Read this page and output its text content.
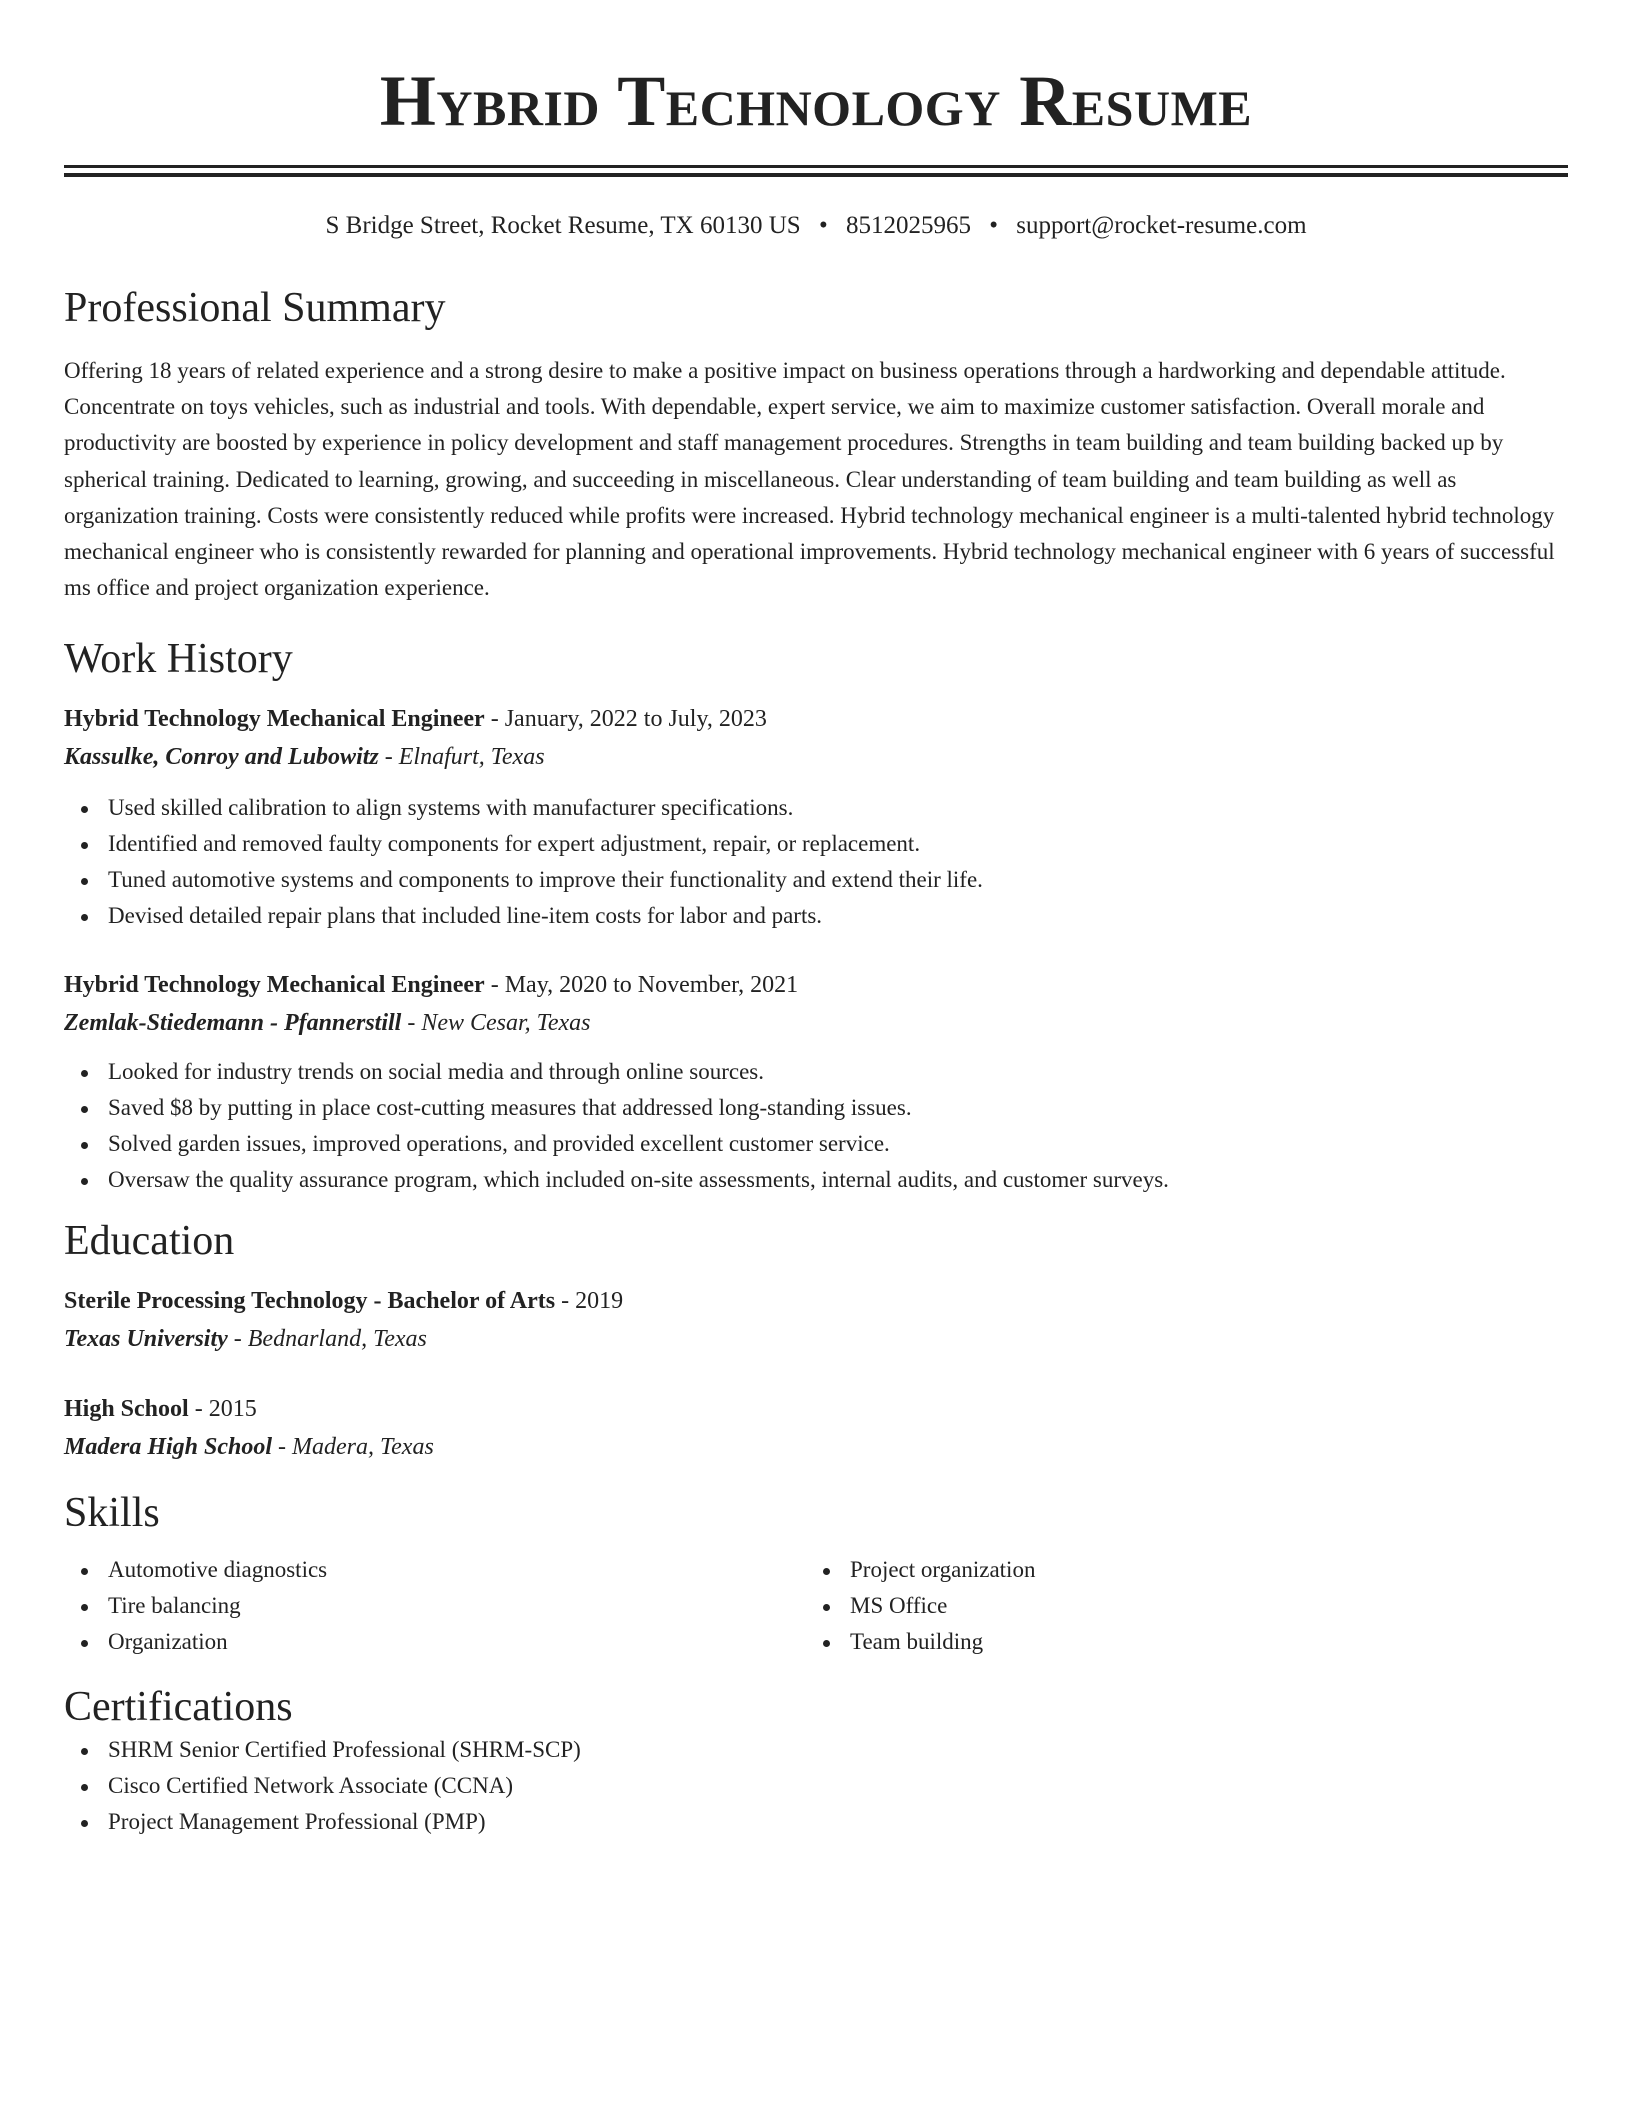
Hybrid Technology Resume
S Bridge Street, Rocket Resume, TX 60130 US • 8512025965 • support@rocket-resume.com
Professional Summary
Offering 18 years of related experience and a strong desire to make a positive impact on business operations through a hardworking and dependable attitude. Concentrate on toys vehicles, such as industrial and tools. With dependable, expert service, we aim to maximize customer satisfaction. Overall morale and productivity are boosted by experience in policy development and staff management procedures. Strengths in team building and team building backed up by spherical training. Dedicated to learning, growing, and succeeding in miscellaneous. Clear understanding of team building and team building as well as organization training. Costs were consistently reduced while profits were increased. Hybrid technology mechanical engineer is a multi-talented hybrid technology mechanical engineer who is consistently rewarded for planning and operational improvements. Hybrid technology mechanical engineer with 6 years of successful ms office and project organization experience.
Work History
Hybrid Technology Mechanical Engineer - January, 2022 to July, 2023
Kassulke, Conroy and Lubowitz - Elnafurt, Texas
Used skilled calibration to align systems with manufacturer specifications.
Identified and removed faulty components for expert adjustment, repair, or replacement.
Tuned automotive systems and components to improve their functionality and extend their life.
Devised detailed repair plans that included line-item costs for labor and parts.
Hybrid Technology Mechanical Engineer - May, 2020 to November, 2021
Zemlak-Stiedemann - Pfannerstill - New Cesar, Texas
Looked for industry trends on social media and through online sources.
Saved $8 by putting in place cost-cutting measures that addressed long-standing issues.
Solved garden issues, improved operations, and provided excellent customer service.
Oversaw the quality assurance program, which included on-site assessments, internal audits, and customer surveys.
Education
Sterile Processing Technology - Bachelor of Arts - 2019
Texas University - Bednarland, Texas
High School - 2015
Madera High School - Madera, Texas
Skills
Automotive diagnostics
Tire balancing
Organization
Project organization
MS Office
Team building
Certifications
SHRM Senior Certified Professional (SHRM-SCP)
Cisco Certified Network Associate (CCNA)
Project Management Professional (PMP)
